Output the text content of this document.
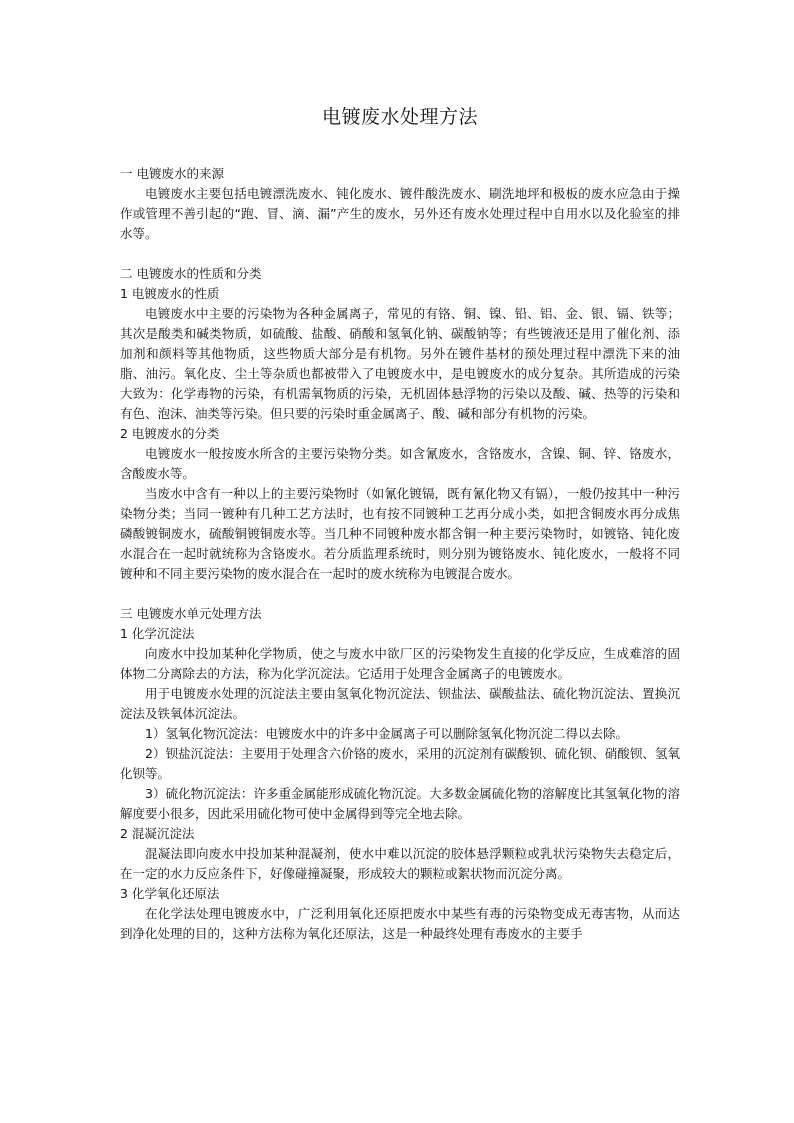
电镀废水处理方法

一 电镀废水的来源

电镀废水主要包括电镀漂洗废水、钝化废水、镀件酸洗废水、刷洗地坪和极板的废水应急由于操作或管理不善引起的“跑、冒、滴、漏”产生的废水，另外还有废水处理过程中自用水以及化验室的排水等。

二 电镀废水的性质和分类

1 电镀废水的性质

电镀废水中主要的污染物为各种金属离子，常见的有铬、铜、镍、铅、铝、金、银、镉、铁等；其次是酸类和碱类物质，如硫酸、盐酸、硝酸和氢氧化钠、碳酸钠等；有些镀液还是用了催化剂、添加剂和颜料等其他物质，这些物质大部分是有机物。另外在镀件基材的预处理过程中漂洗下来的油脂、油污。氧化皮、尘土等杂质也都被带入了电镀废水中，是电镀废水的成分复杂。其所造成的污染大致为：化学毒物的污染，有机需氧物质的污染，无机固体悬浮物的污染以及酸、碱、热等的污染和有色、泡沫、油类等污染。但只要的污染时重金属离子、酸、碱和部分有机物的污染。

2 电镀废水的分类

电镀废水一般按废水所含的主要污染物分类。如含氰废水，含铬废水，含镍、铜、锌、铬废水，含酸废水等。

当废水中含有一种以上的主要污染物时（如氰化镀镉，既有氰化物又有镉），一般仍按其中一种污染物分类；当同一镀种有几种工艺方法时，也有按不同镀种工艺再分成小类，如把含铜废水再分成焦磷酸镀铜废水，硫酸铜镀铜废水等。当几种不同镀种废水都含铜一种主要污染物时，如镀铬、钝化废水混合在一起时就统称为含铬废水。若分质监理系统时，则分别为镀铬废水、钝化废水，一般将不同镀种和不同主要污染物的废水混合在一起时的废水统称为电镀混合废水。

三 电镀废水单元处理方法

1 化学沉淀法

向废水中投加某种化学物质，使之与废水中欲厂区的污染物发生直接的化学反应，生成难溶的固体物二分离除去的方法，称为化学沉淀法。它适用于处理含金属离子的电镀废水。

用于电镀废水处理的沉淀法主要由氢氧化物沉淀法、钡盐法、碳酸盐法、硫化物沉淀法、置换沉淀法及铁氧体沉淀法。

1）氢氧化物沉淀法：电镀废水中的许多中金属离子可以删除氢氧化物沉淀二得以去除。

2）钡盐沉淀法：主要用于处理含六价铬的废水，采用的沉淀剂有碳酸钡、硫化钡、硝酸钡、氢氧化钡等。

3）硫化物沉淀法：许多重金属能形成硫化物沉淀。大多数金属硫化物的溶解度比其氢氧化物的溶解度要小很多，因此采用硫化物可使中金属得到等完全地去除。

2 混凝沉淀法

混凝法即向废水中投加某种混凝剂，使水中难以沉淀的胶体悬浮颗粒或乳状污染物失去稳定后，在一定的水力反应条件下，好像碰撞凝聚，形成较大的颗粒或絮状物而沉淀分离。

3 化学氧化还原法

在化学法处理电镀废水中，广泛利用氧化还原把废水中某些有毒的污染物变成无毒害物，从而达到净化处理的目的，这种方法称为氧化还原法，这是一种最终处理有毒废水的主要手
